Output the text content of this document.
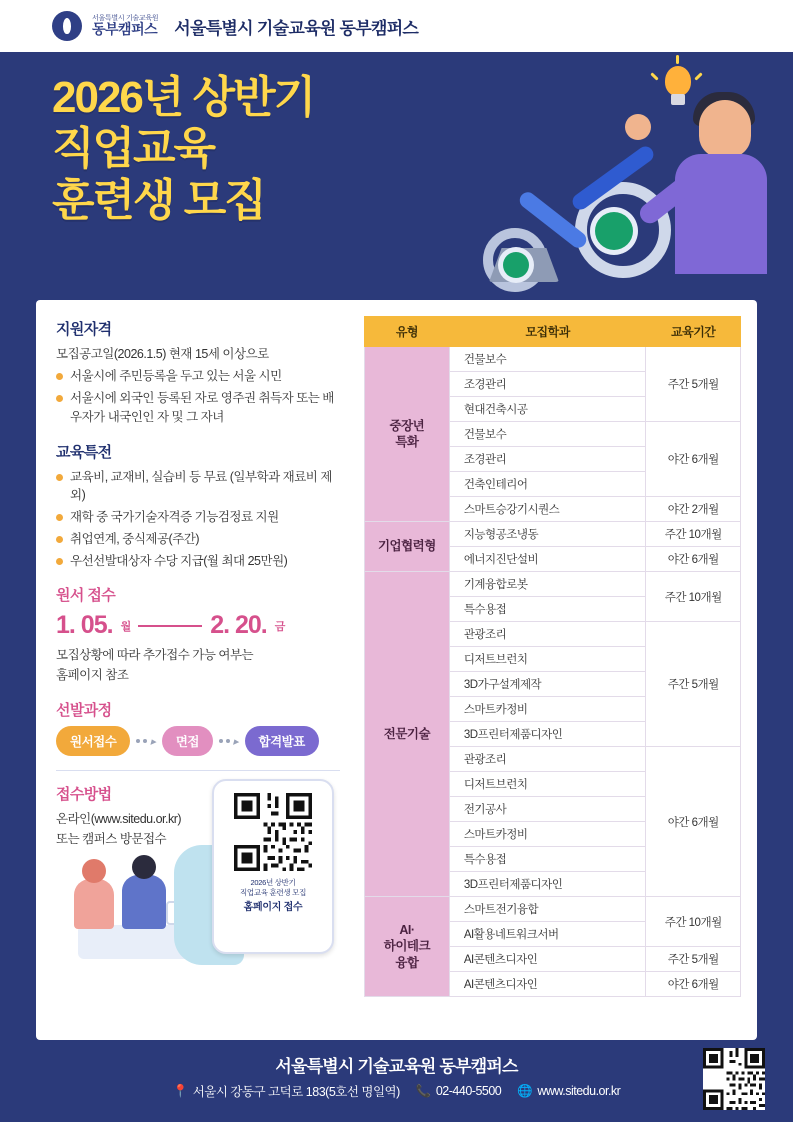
서울특별시 기술교육원
동부캠퍼스 서울특별시 기술교육원 동부캠퍼스
2026년 상반기
직업교육
훈련생 모집
지원자격
모집공고일(2026.1.5) 현재 15세 이상으로
서울시에 주민등록을 두고 있는 서울 시민
서울시에 외국인 등록된 자로 영주권 취득자 또는 배우자가 내국인인 자 및 그 자녀
교육특전
교육비, 교재비, 실습비 등 무료 (일부학과 재료비 제외)
재학 중 국가기술자격증 기능검정료 지원
취업연계, 중식제공(주간)
우선선발대상자 수당 지급(월 최대 25만원)
원서 접수
1. 05. 월	2. 20. 금
모집상황에 따라 추가접수 가능 여부는
홈페이지 참조
선발과정
원서접수	▸	면접	▸	합격발표
접수방법
온라인(www.sitedu.or.kr)
또는 캠퍼스 방문접수
2026년 상반기
직업교육 훈련생 모집
홈페이지 접수
유형	모집학과	교육기간
중장년
특화	건물보수	주간 5개월
	조경관리	
	현대건축시공	
	건물보수	야간 6개월
	조경관리	
	건축인테리어	
	스마트승강기시퀀스	야간 2개월
기업협력형	지능형공조냉동	주간 10개월
	에너지진단설비	야간 6개월
전문기술	기계융합로봇	주간 10개월
	특수용접	
	관광조리	주간 5개월
	디저트브런치	
	3D가구설계제작	
	스마트카정비	
	3D프린터제품디자인	
	관광조리	야간 6개월
	디저트브런치	
	전기공사	
	스마트카정비	
	특수용접	
	3D프린터제품디자인	
AI·
하이테크
융합	스마트전기융합	주간 10개월
	AI활용네트워크서버	
	AI콘텐츠디자인	주간 5개월
	AI콘텐츠디자인	야간 6개월
서울특별시 기술교육원 동부캠퍼스
📍 서울시 강동구 고덕로 183(5호선 명일역) 📞 02-440-5500 🌐 www.sitedu.or.kr
